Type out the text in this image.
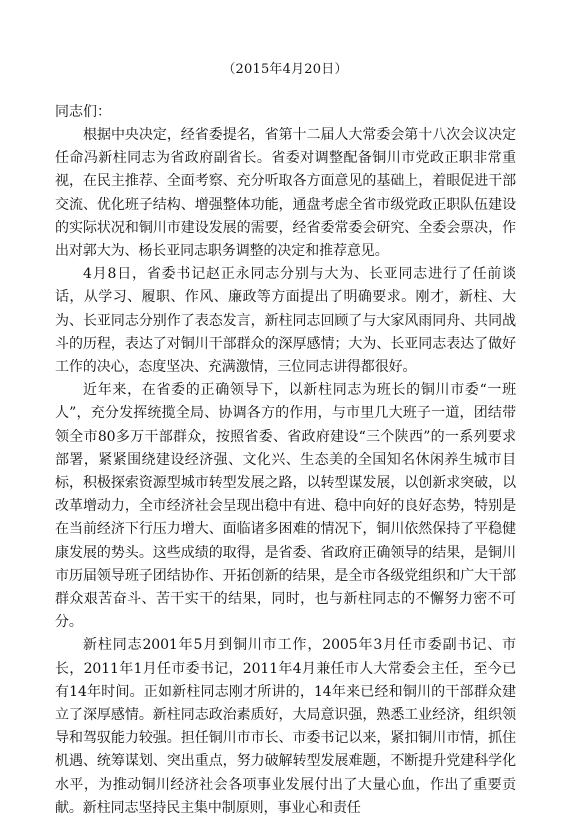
（2015年4月20日）
同志们：

根据中央决定，经省委提名，省第十二届人大常委会第十八次会议决定任命冯新柱同志为省政府副省长。省委对调整配备铜川市党政正职非常重视，在民主推荐、全面考察、充分听取各方面意见的基础上，着眼促进干部交流、优化班子结构、增强整体功能，通盘考虑全省市级党政正职队伍建设的实际状况和铜川市建设发展的需要，经省委常委会研究、全委会票决，作出对郭大为、杨长亚同志职务调整的决定和推荐意见。

4月8日，省委书记赵正永同志分别与大为、长亚同志进行了任前谈话，从学习、履职、作风、廉政等方面提出了明确要求。刚才，新柱、大为、长亚同志分别作了表态发言，新柱同志回顾了与大家风雨同舟、共同战斗的历程，表达了对铜川干部群众的深厚感情；大为、长亚同志表达了做好工作的决心，态度坚决、充满激情，三位同志讲得都很好。

近年来，在省委的正确领导下，以新柱同志为班长的铜川市委“一班人”，充分发挥统揽全局、协调各方的作用，与市里几大班子一道，团结带领全市80多万干部群众，按照省委、省政府建设“三个陕西”的一系列要求部署，紧紧围绕建设经济强、文化兴、生态美的全国知名休闲养生城市目标，积极探索资源型城市转型发展之路，以转型谋发展，以创新求突破，以改革增动力，全市经济社会呈现出稳中有进、稳中向好的良好态势，特别是在当前经济下行压力增大、面临诸多困难的情况下，铜川依然保持了平稳健康发展的势头。这些成绩的取得，是省委、省政府正确领导的结果，是铜川市历届领导班子团结协作、开拓创新的结果，是全市各级党组织和广大干部群众艰苦奋斗、苦干实干的结果，同时，也与新柱同志的不懈努力密不可分。

新柱同志2001年5月到铜川市工作，2005年3月任市委副书记、市长，2011年1月任市委书记，2011年4月兼任市人大常委会主任，至今已有14年时间。正如新柱同志刚才所讲的，14年来已经和铜川的干部群众建立了深厚感情。新柱同志政治素质好，大局意识强，熟悉工业经济，组织领导和驾驭能力较强。担任铜川市市长、市委书记以来，紧扣铜川市情，抓住机遇、统筹谋划、突出重点，努力破解转型发展难题，不断提升党建科学化水平，为推动铜川经济社会各项事业发展付出了大量心血，作出了重要贡献。新柱同志坚持民主集中制原则，事业心和责任
